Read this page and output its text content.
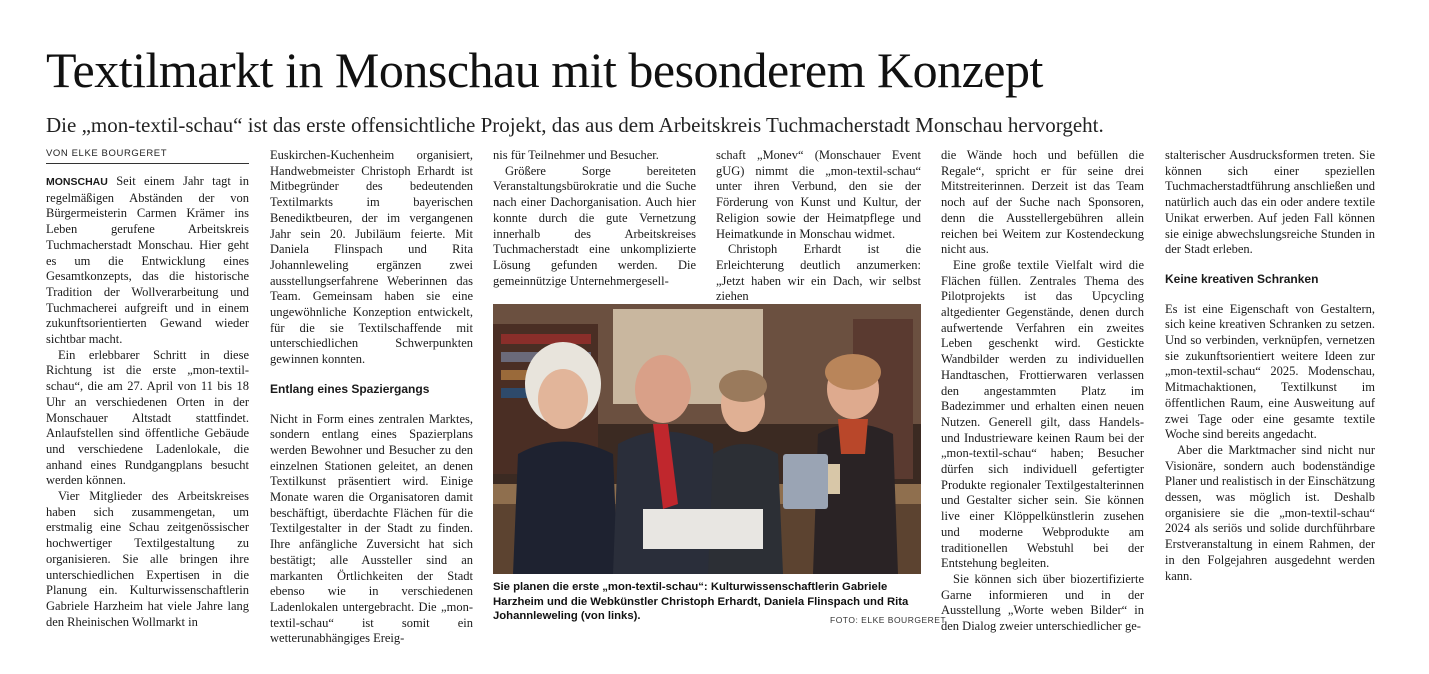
Textilmarkt in Monschau mit besonderem Konzept
Die „mon-textil-schau“ ist das erste offensichtliche Projekt, das aus dem Arbeitskreis Tuchmacherstadt Monschau hervorgeht.
VON ELKE BOURGERET

MONSCHAU Seit einem Jahr tagt in regelmäßigen Abständen der von Bürgermeisterin Carmen Krämer ins Leben gerufene Arbeitskreis Tuchmacherstadt Monschau. Hier geht es um die Entwicklung eines Gesamtkonzepts, das die historische Tradition der Wollverarbeitung und Tuchmacherei aufgreift und in einem zukunftsorientierten Gewand wieder sichtbar macht.

Ein erlebbarer Schritt in diese Richtung ist die erste „mon-textil-schau“, die am 27. April von 11 bis 18 Uhr an verschiedenen Orten in der Monschauer Altstadt stattfindet. Anlaufstellen sind öffentliche Gebäude und verschiedene Ladenlokale, die anhand eines Rundgangplans besucht werden können.

Vier Mitglieder des Arbeitskreises haben sich zusammengetan, um erstmalig eine Schau zeitgenössischer hochwertiger Textilgestaltung zu organisieren. Sie alle bringen ihre unterschiedlichen Expertisen in die Planung ein. Kulturwissenschaftlerin Gabriele Harzheim hat viele Jahre lang den Rheinischen Wollmarkt in

Euskirchen-Kuchenheim organisiert, Handwebmeister Christoph Erhardt ist Mitbegründer des bedeutenden Textilmarkts im bayerischen Benediktbeuren, der im vergangenen Jahr sein 20. Jubiläum feierte. Mit Daniela Flinspach und Rita Johannleweling ergänzen zwei ausstellungserfahrene Weberinnen das Team. Gemeinsam haben sie eine ungewöhnliche Konzeption entwickelt, für die sie Textilschaffende mit unterschiedlichen Schwerpunkten gewinnen konnten.

Entlang eines Spaziergangs

Nicht in Form eines zentralen Marktes, sondern entlang eines Spazierplans werden Bewohner und Besucher zu den einzelnen Stationen geleitet, an denen Textilkunst präsentiert wird. Einige Monate waren die Organisatoren damit beschäftigt, überdachte Flächen für die Textilgestalter in der Stadt zu finden. Ihre anfängliche Zuversicht hat sich bestätigt; alle Aussteller sind an markanten Örtlichkeiten der Stadt ebenso wie in verschiedenen Ladenlokalen untergebracht. Die „mon-textil-schau“ ist somit ein wetterunabhängiges Ereig-

nis für Teilnehmer und Besucher.

Größere Sorge bereiteten Veranstaltungsbürokratie und die Suche nach einer Dachorganisation. Auch hier konnte durch die gute Vernetzung innerhalb des Arbeitskreises Tuchmacherstadt eine unkomplizierte Lösung gefunden werden. Die gemeinnützige Unternehmergesell-

schaft „Monev“ (Monschauer Event gUG) nimmt die „mon-textil-schau“ unter ihren Verbund, den sie der Förderung von Kunst und Kultur, der Religion sowie der Heimatpflege und Heimatkunde in Monschau widmet.

Christoph Erhardt ist die Erleichterung deutlich anzumerken: „Jetzt haben wir ein Dach, wir selbst ziehen

die Wände hoch und befüllen die Regale“, spricht er für seine drei Mitstreiterinnen. Derzeit ist das Team noch auf der Suche nach Sponsoren, denn die Ausstellergebühren allein reichen bei Weitem zur Kostendeckung nicht aus.

Eine große textile Vielfalt wird die Flächen füllen. Zentrales Thema des Pilotprojekts ist das Upcycling altgedienter Gegenstände, denen durch aufwertende Verfahren ein zweites Leben geschenkt wird. Gestickte Wandbilder werden zu individuellen Handtaschen, Frottierwaren verlassen den angestammten Platz im Badezimmer und erhalten einen neuen Nutzen. Generell gilt, dass Handels- und Industrieware keinen Raum bei der „mon-textil-schau“ haben; Besucher dürfen sich individuell gefertigter Produkte regionaler Textilgestalterinnen und Gestalter sicher sein. Sie können live einer Klöppelkünstlerin zusehen und moderne Webprodukte am traditionellen Webstuhl bei der Entstehung begleiten.

Sie können sich über biozertifizierte Garne informieren und in der Ausstellung „Worte weben Bilder“ in den Dialog zweier unterschiedlicher ge-

stalterischer Ausdrucksformen treten. Sie können sich einer speziellen Tuchmacherstadtführung anschließen und natürlich auch das ein oder andere textile Unikat erwerben. Auf jeden Fall können sie einige abwechslungsreiche Stunden in der Stadt erleben.

Keine kreativen Schranken

Es ist eine Eigenschaft von Gestaltern, sich keine kreativen Schranken zu setzen. Und so verbinden, verknüpfen, vernetzen sie zukunftsorientiert weitere Ideen zur „mon-textil-schau“ 2025. Modenschau, Mitmachaktionen, Textilkunst im öffentlichen Raum, eine Ausweitung auf zwei Tage oder eine gesamte textile Woche sind bereits angedacht.

Aber die Marktmacher sind nicht nur Visionäre, sondern auch bodenständige Planer und realistisch in der Einschätzung dessen, was möglich ist. Deshalb organisiere sie die „mon-textil-schau“ 2024 als seriös und solide durchführbare Erstveranstaltung in einem Rahmen, der in den Folgejahren ausgedehnt werden kann.

Sie planen die erste „mon-textil-schau“: Kulturwissenschaftlerin Gabriele Harzheim und die Webkünstler Christoph Erhardt, Daniela Flinspach und Rita Johannleweling (von links).	FOTO: ELKE BOURGERET
